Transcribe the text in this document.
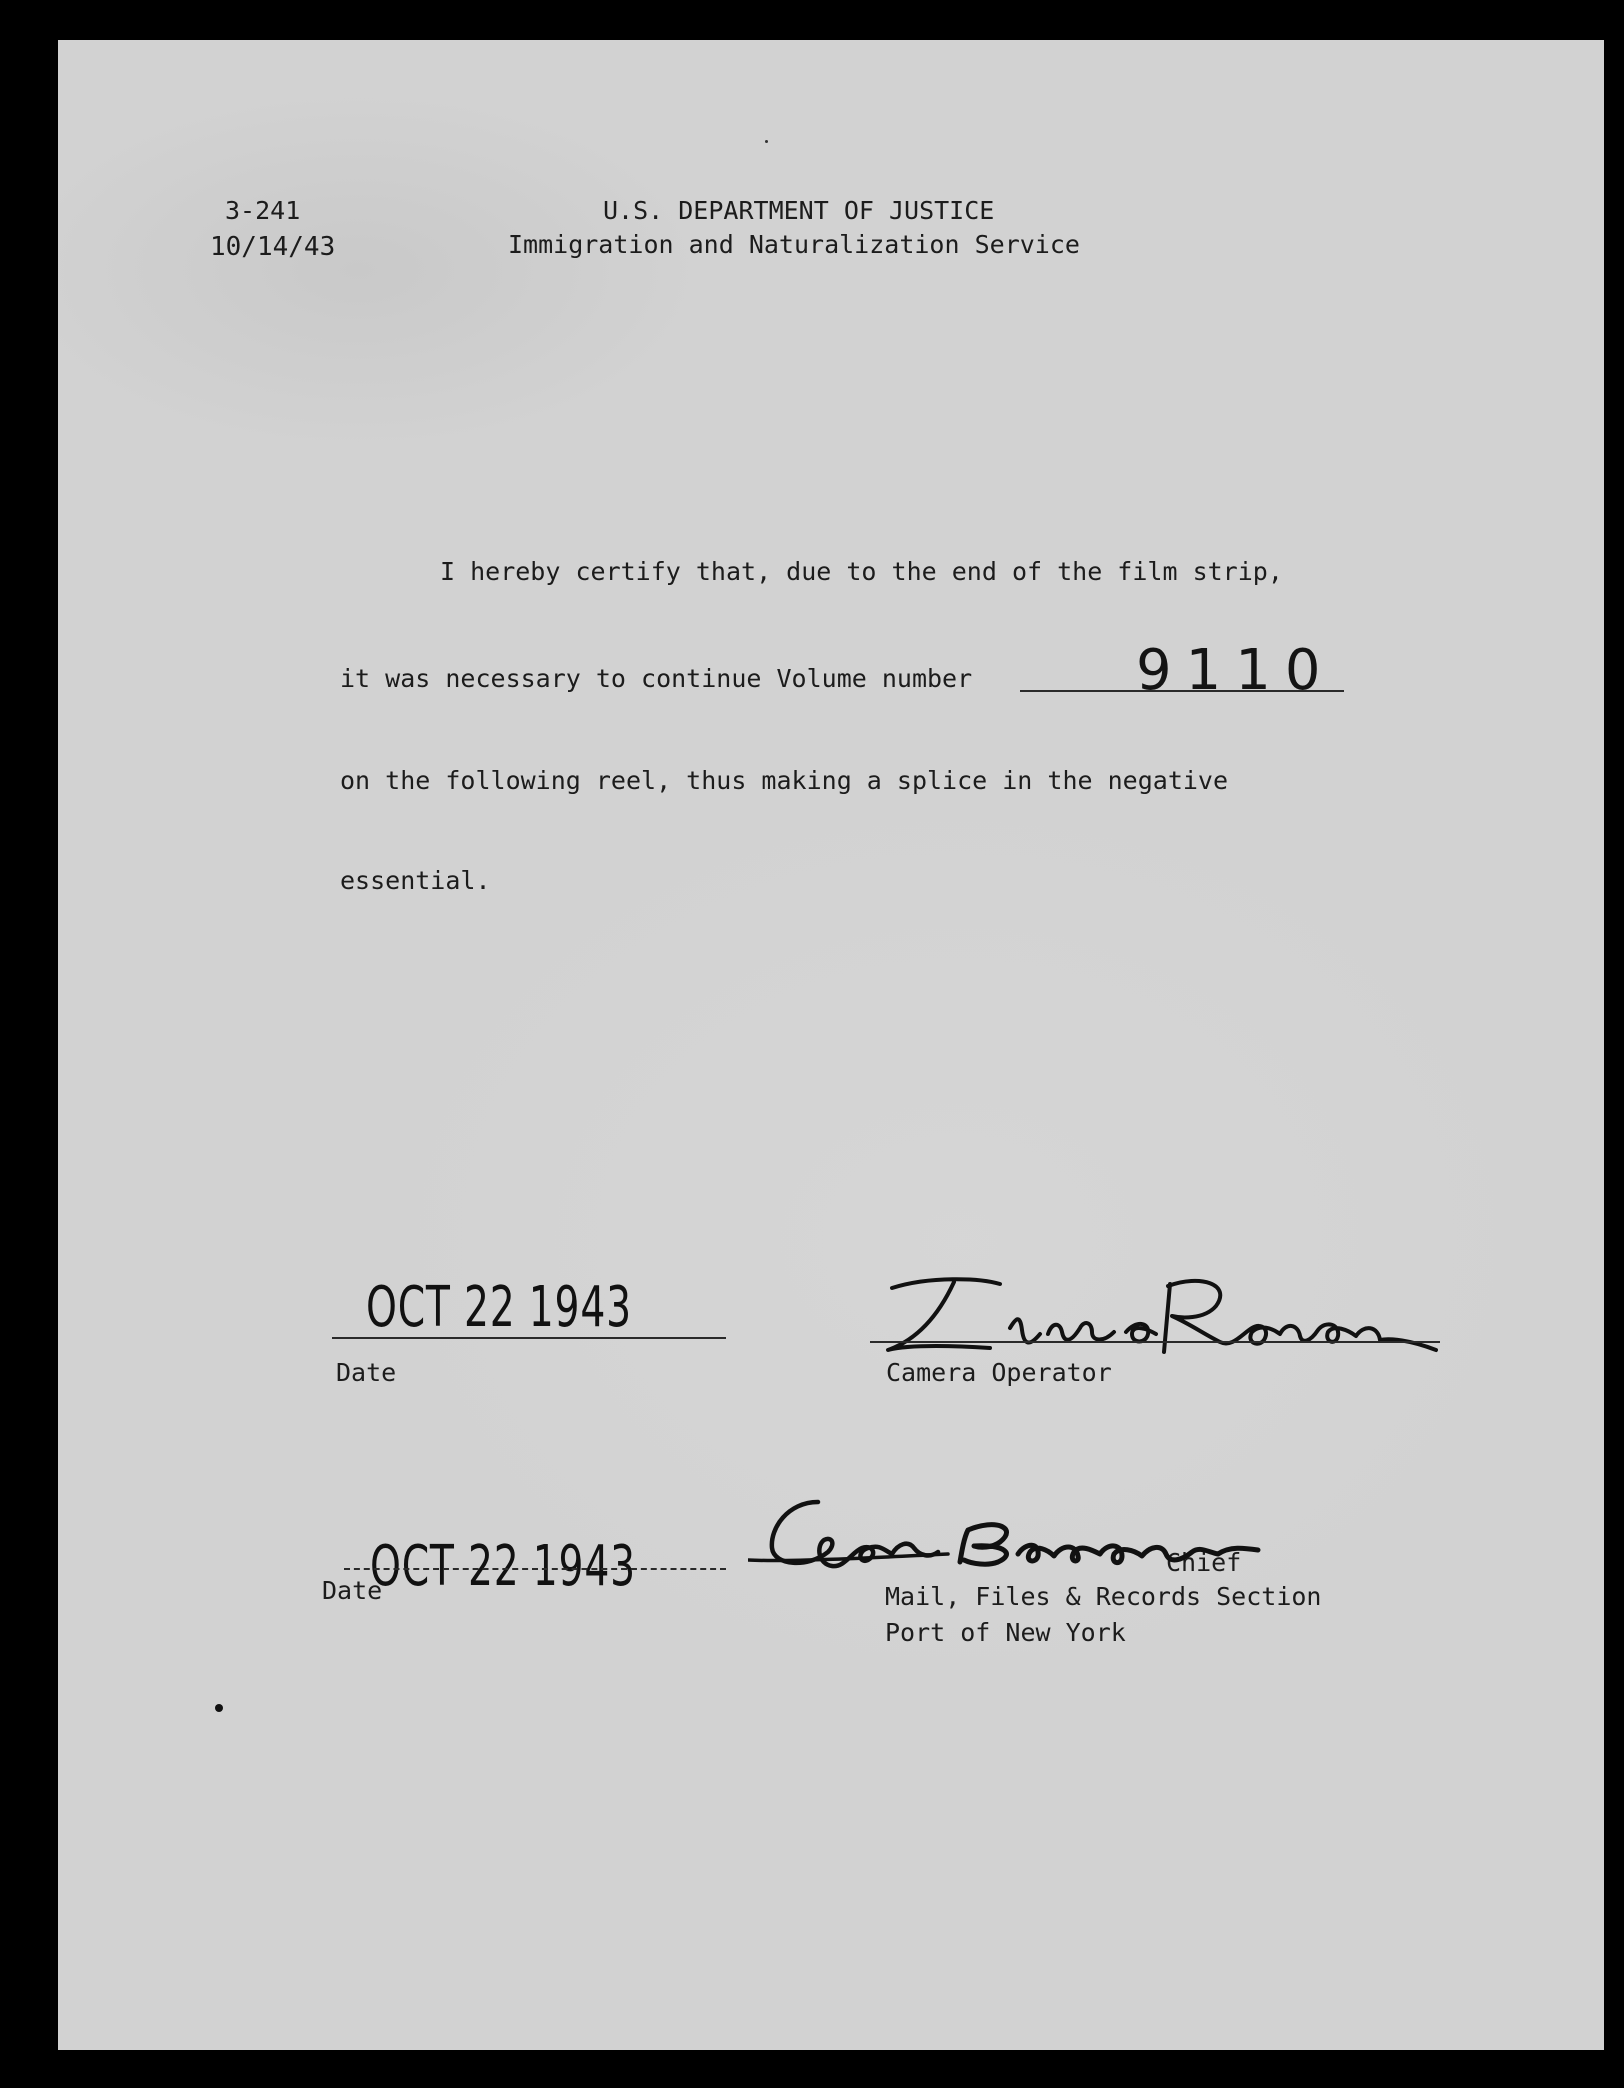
3-241
10/14/43
U.S. DEPARTMENT OF JUSTICE
Immigration and Naturalization Service
I hereby certify that, due to the end of the film strip,
it was necessary to continue Volume number	9110
on the following reel, thus making a splice in the negative
essential.
OCT 22 1943
Date	Camera Operator
OCT 22 1943
Date
Chief
Mail, Files & Records Section
Port of New York
